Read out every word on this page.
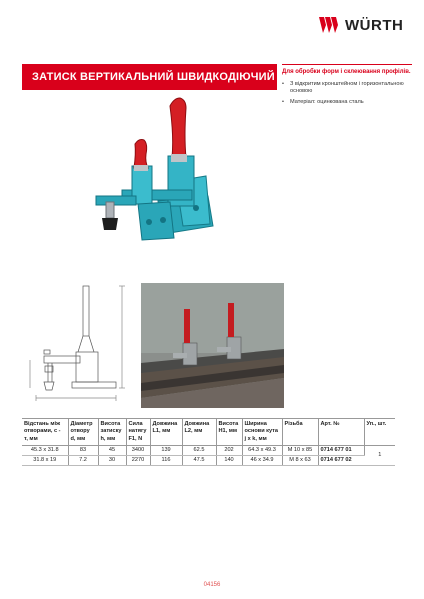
WÜRTH
ЗАТИСК ВЕРТИКАЛЬНИЙ ШВИДКОДІЮЧИЙ Для обробки форм і склеювання профілів.
• З відкритим кронштейном і горизонтальною основою
• Матеріал: оцинкована сталь
Відстань між отворами, с - т, мм	Діаметр отвору d, мм	Висота затиску h, мм	Сила натягу F1, N	Довжина L1, мм	Довжина L2, мм	Висота H1, мм	Ширина основи кута j x k, мм	Різьба	Арт. №	Уп., шт.
45.3 x 31.8	83	45	3400	139	62.5	202	64.3 x 49.3	M 10 x 85	0714 677 01	1
31.8 x 19	7.2	30	2270	116	47.5	140	46 x 34.9	M 8 x 63	0714 677 02	
04156
